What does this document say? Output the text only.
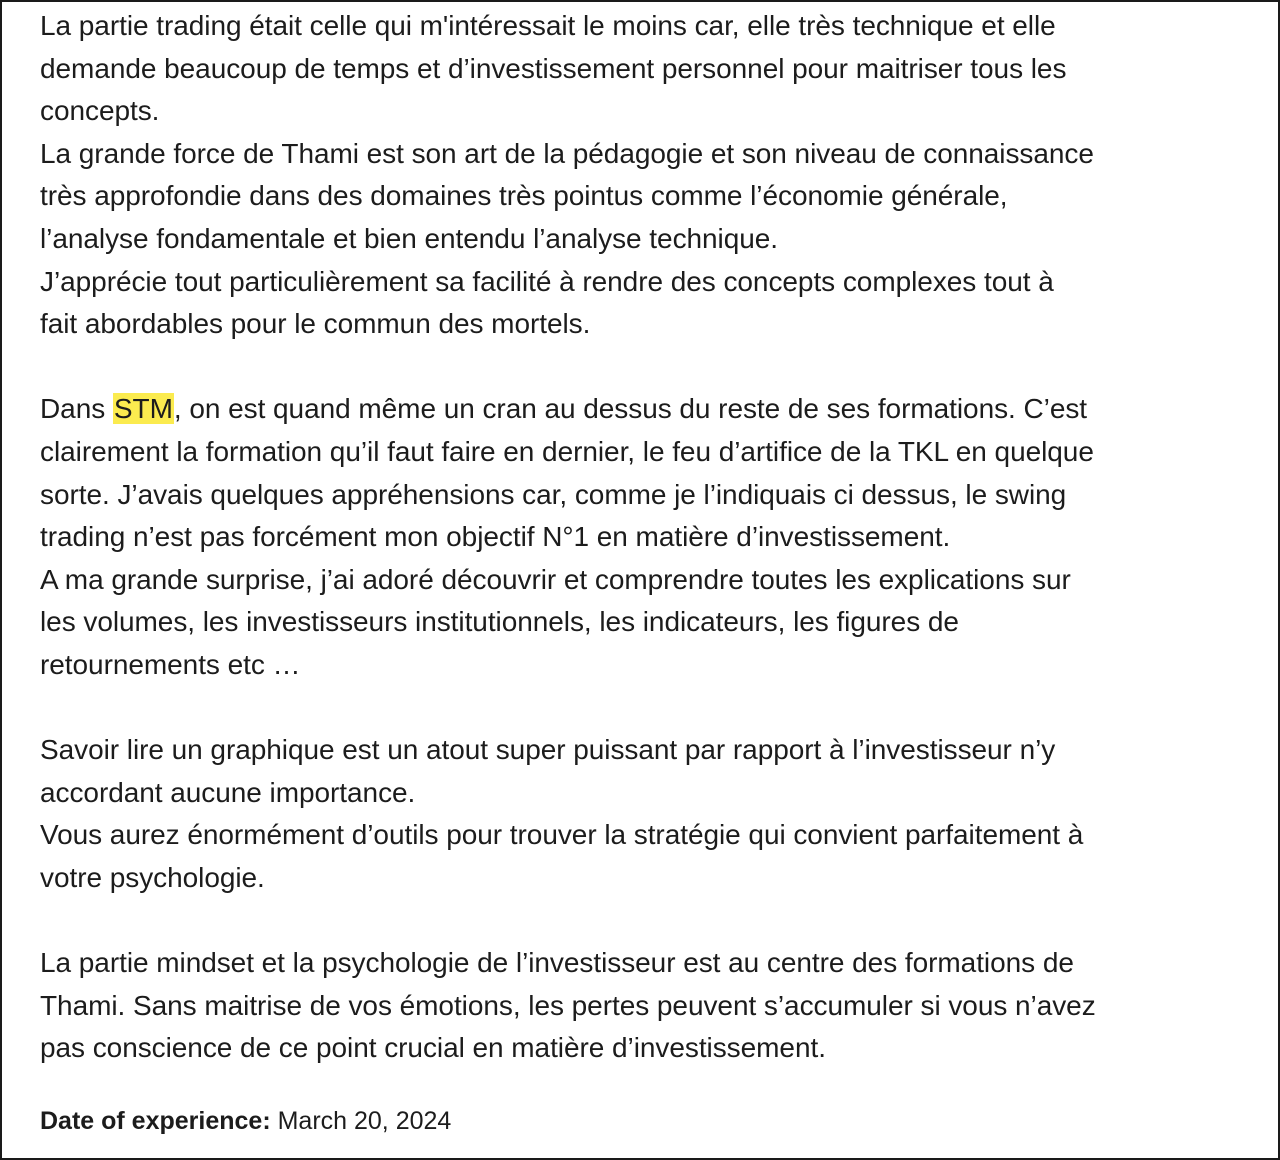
La partie trading était celle qui m'intéressait le moins car, elle très technique et elle

demande beaucoup de temps et d’investissement personnel pour maitriser tous les

concepts.

La grande force de Thami est son art de la pédagogie et son niveau de connaissance

très approfondie dans des domaines très pointus comme l’économie générale,

l’analyse fondamentale et bien entendu l’analyse technique.

J’apprécie tout particulièrement sa facilité à rendre des concepts complexes tout à

fait abordables pour le commun des mortels.

Dans STM, on est quand même un cran au dessus du reste de ses formations. C’est

clairement la formation qu’il faut faire en dernier, le feu d’artifice de la TKL en quelque

sorte. J’avais quelques appréhensions car, comme je l’indiquais ci dessus, le swing

trading n’est pas forcément mon objectif N°1 en matière d’investissement.

A ma grande surprise, j’ai adoré découvrir et comprendre toutes les explications sur

les volumes, les investisseurs institutionnels, les indicateurs, les figures de

retournements etc …

Savoir lire un graphique est un atout super puissant par rapport à l’investisseur n’y

accordant aucune importance.

Vous aurez énormément d’outils pour trouver la stratégie qui convient parfaitement à

votre psychologie.

La partie mindset et la psychologie de l’investisseur est au centre des formations de

Thami. Sans maitrise de vos émotions, les pertes peuvent s’accumuler si vous n’avez

pas conscience de ce point crucial en matière d’investissement.

Date of experience: March 20, 2024
